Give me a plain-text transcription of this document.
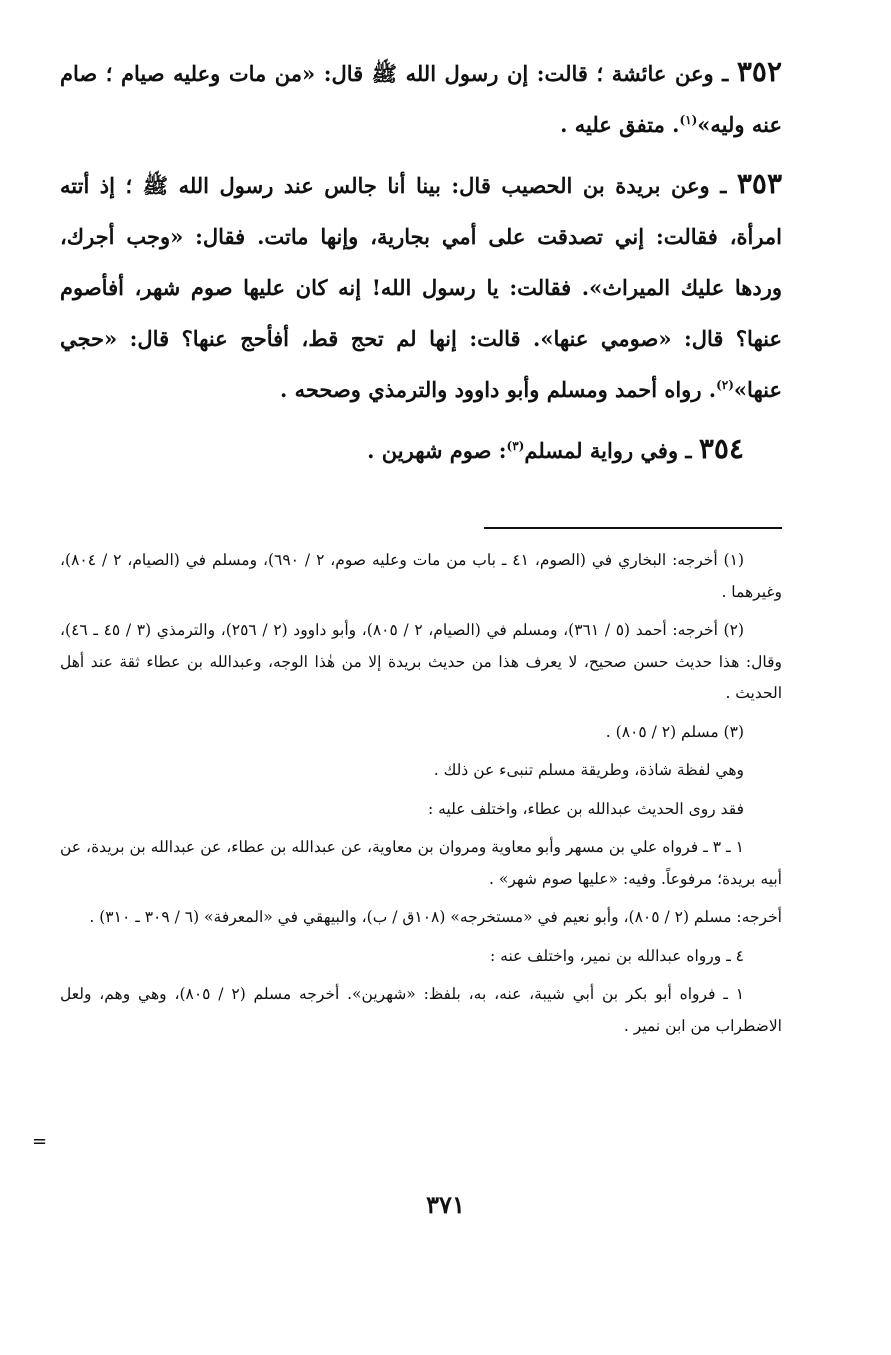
٣٥٢ ـ وعن عائشة ؛ قالت: إن رسول الله ﷺ قال: «من مات وعليه صيام ؛ صام عنه وليه»$^{(١)}$. متفق عليه .

٣٥٣ ـ وعن بريدة بن الحصيب قال: بينا أنا جالس عند رسول الله ﷺ ؛ إذ أتته امرأة، فقالت: إني تصدقت على أمي بجارية، وإنها ماتت. فقال: «وجب أجرك، وردها عليك الميراث». فقالت: يا رسول الله! إنه كان عليها صوم شهر، أفأصوم عنها؟ قال: «صومي عنها». قالت: إنها لم تحج قط، أفأحج عنها؟ قال: «حجي عنها»$^{(٢)}$. رواه أحمد ومسلم وأبو داوود والترمذي وصححه .

٣٥٤ ـ وفي رواية لمسلم$^{(٣)}$: صوم شهرين .

(١) أخرجه: البخاري في (الصوم، ٤١ ـ باب من مات وعليه صوم، ٢ / ٦٩٠)، ومسلم في (الصيام، ٢ / ٨٠٤)، وغيرهما .

(٢) أخرجه: أحمد (٥ / ٣٦١)، ومسلم في (الصيام، ٢ / ٨٠٥)، وأبو داوود (٢ / ٢٥٦)، والترمذي (٣ / ٤٥ ـ ٤٦)، وقال: هذا حديث حسن صحيح، لا يعرف هذا من حديث بريدة إلا من هٰذا الوجه، وعبدالله بن عطاء ثقة عند أهل الحديث .

(٣) مسلم (٢ / ٨٠٥) .

وهي لفظة شاذة، وطريقة مسلم تنبىء عن ذلك .

فقد روى الحديث عبدالله بن عطاء، واختلف عليه :

١ ـ ٣ ـ فرواه علي بن مسهر وأبو معاوية ومروان بن معاوية، عن عبدالله بن عطاء، عن عبدالله بن بريدة، عن أبيه بريدة؛ مرفوعاً. وفيه: «عليها صوم شهر» .

أخرجه: مسلم (٢ / ٨٠٥)، وأبو نعيم في «مستخرجه» (١٠٨ق / ب)، والبيهقي في «المعرفة» (٦ / ٣٠٩ ـ ٣١٠) .

٤ ـ ورواه عبدالله بن نمير، واختلف عنه :

١ ـ فرواه أبو بكر بن أبي شيبة، عنه، به، بلفظ: «شهرين». أخرجه مسلم (٢ / ٨٠٥)، وهي وهم، ولعل الاضطراب من ابن نمير .

٣٧١
=
